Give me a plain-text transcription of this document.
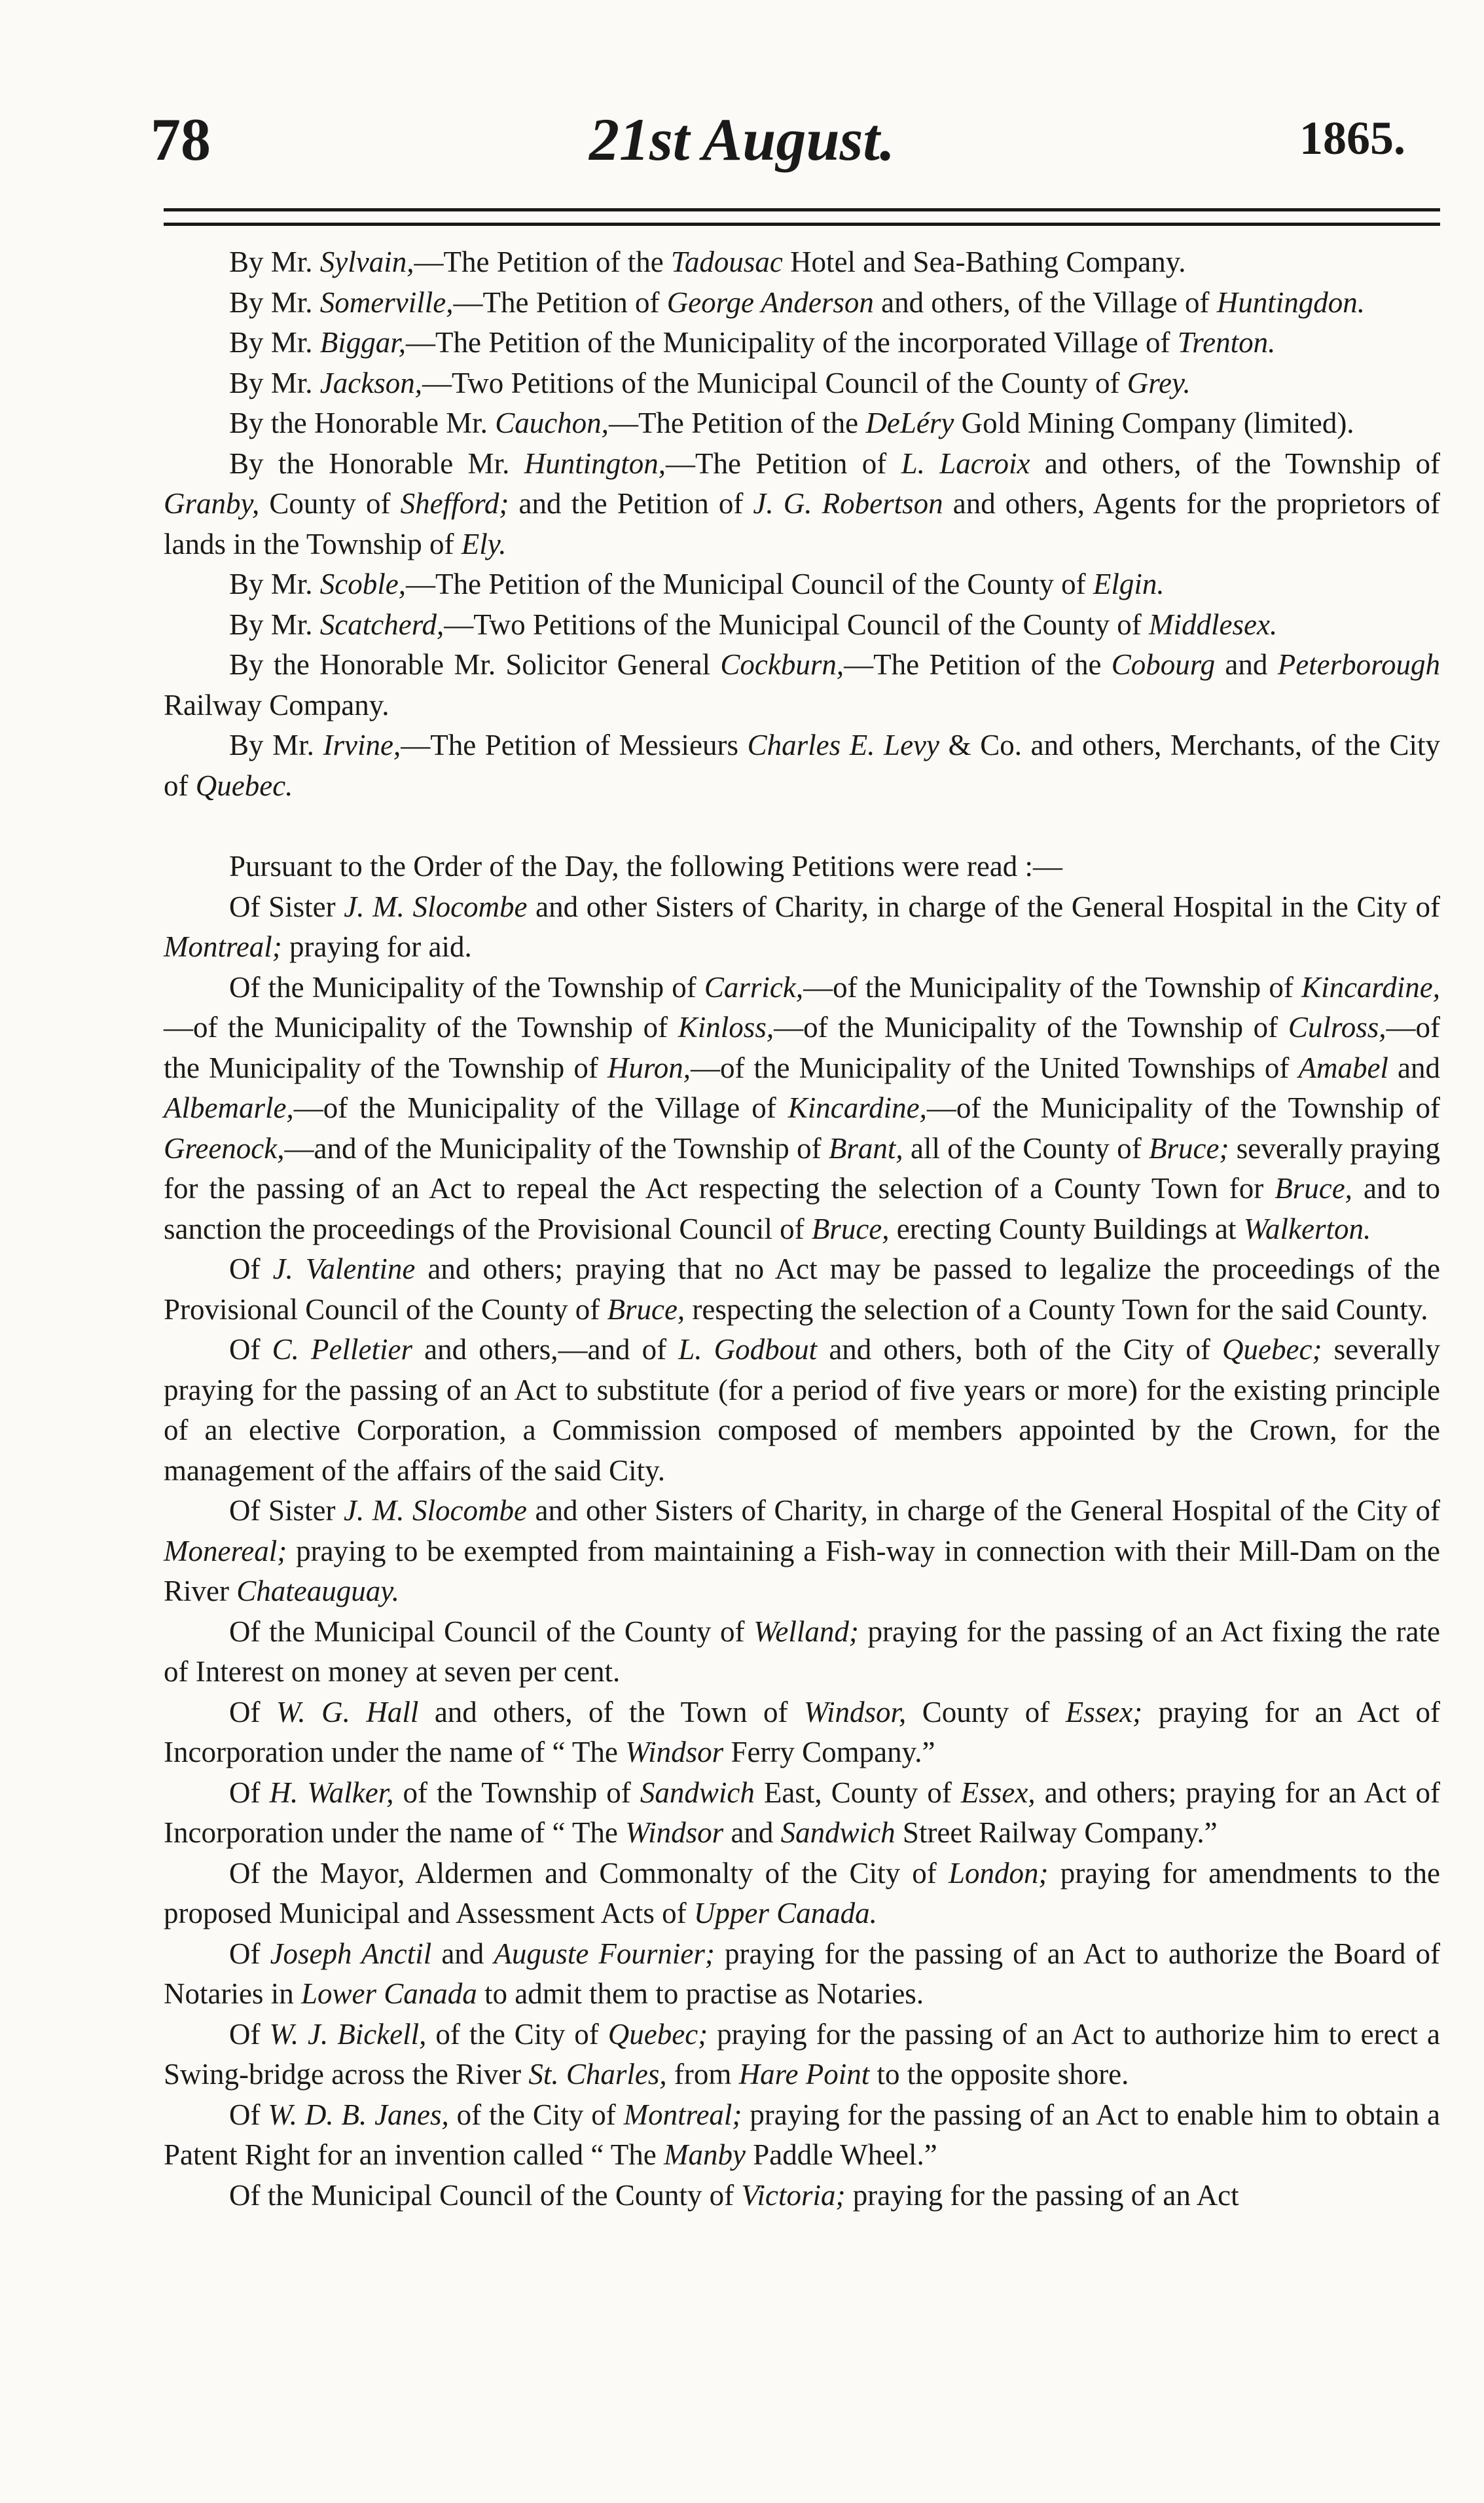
78	21st August.	1865.

By Mr. Sylvain,—The Petition of the Tadousac Hotel and Sea-Bathing Company.

By Mr. Somerville,—The Petition of George Anderson and others, of the Village of Huntingdon.

By Mr. Biggar,—The Petition of the Municipality of the incorporated Village of Trenton.

By Mr. Jackson,—Two Petitions of the Municipal Council of the County of Grey.

By the Honorable Mr. Cauchon,—The Petition of the DeLéry Gold Mining Company (limited).

By the Honorable Mr. Huntington,—The Petition of L. Lacroix and others, of the Township of Granby, County of Shefford; and the Petition of J. G. Robertson and others, Agents for the proprietors of lands in the Township of Ely.

By Mr. Scoble,—The Petition of the Municipal Council of the County of Elgin.

By Mr. Scatcherd,—Two Petitions of the Municipal Council of the County of Middlesex.

By the Honorable Mr. Solicitor General Cockburn,—The Petition of the Cobourg and Peterborough Railway Company.

By Mr. Irvine,—The Petition of Messieurs Charles E. Levy & Co. and others, Merchants, of the City of Quebec.

Pursuant to the Order of the Day, the following Petitions were read :—

Of Sister J. M. Slocombe and other Sisters of Charity, in charge of the General Hospital in the City of Montreal; praying for aid.

Of the Municipality of the Township of Carrick,—of the Municipality of the Township of Kincardine,—of the Municipality of the Township of Kinloss,—of the Municipality of the Township of Culross,—of the Municipality of the Township of Huron,—of the Municipality of the United Townships of Amabel and Albemarle,—of the Municipality of the Village of Kincardine,—of the Municipality of the Township of Greenock,—and of the Municipality of the Township of Brant, all of the County of Bruce; severally praying for the passing of an Act to repeal the Act respecting the selection of a County Town for Bruce, and to sanction the proceedings of the Provisional Council of Bruce, erecting County Buildings at Walkerton.

Of J. Valentine and others; praying that no Act may be passed to legalize the proceedings of the Provisional Council of the County of Bruce, respecting the selection of a County Town for the said County.

Of C. Pelletier and others,—and of L. Godbout and others, both of the City of Quebec; severally praying for the passing of an Act to substitute (for a period of five years or more) for the existing principle of an elective Corporation, a Commission composed of members appointed by the Crown, for the management of the affairs of the said City.

Of Sister J. M. Slocombe and other Sisters of Charity, in charge of the General Hospital of the City of Monereal; praying to be exempted from maintaining a Fish-way in connection with their Mill-Dam on the River Chateauguay.

Of the Municipal Council of the County of Welland; praying for the passing of an Act fixing the rate of Interest on money at seven per cent.

Of W. G. Hall and others, of the Town of Windsor, County of Essex; praying for an Act of Incorporation under the name of “ The Windsor Ferry Company.”

Of H. Walker, of the Township of Sandwich East, County of Essex, and others; praying for an Act of Incorporation under the name of “ The Windsor and Sandwich Street Railway Company.”

Of the Mayor, Aldermen and Commonalty of the City of London; praying for amendments to the proposed Municipal and Assessment Acts of Upper Canada.

Of Joseph Anctil and Auguste Fournier; praying for the passing of an Act to authorize the Board of Notaries in Lower Canada to admit them to practise as Notaries.

Of W. J. Bickell, of the City of Quebec; praying for the passing of an Act to authorize him to erect a Swing-bridge across the River St. Charles, from Hare Point to the opposite shore.

Of W. D. B. Janes, of the City of Montreal; praying for the passing of an Act to enable him to obtain a Patent Right for an invention called “ The Manby Paddle Wheel.”

Of the Municipal Council of the County of Victoria; praying for the passing of an Act
